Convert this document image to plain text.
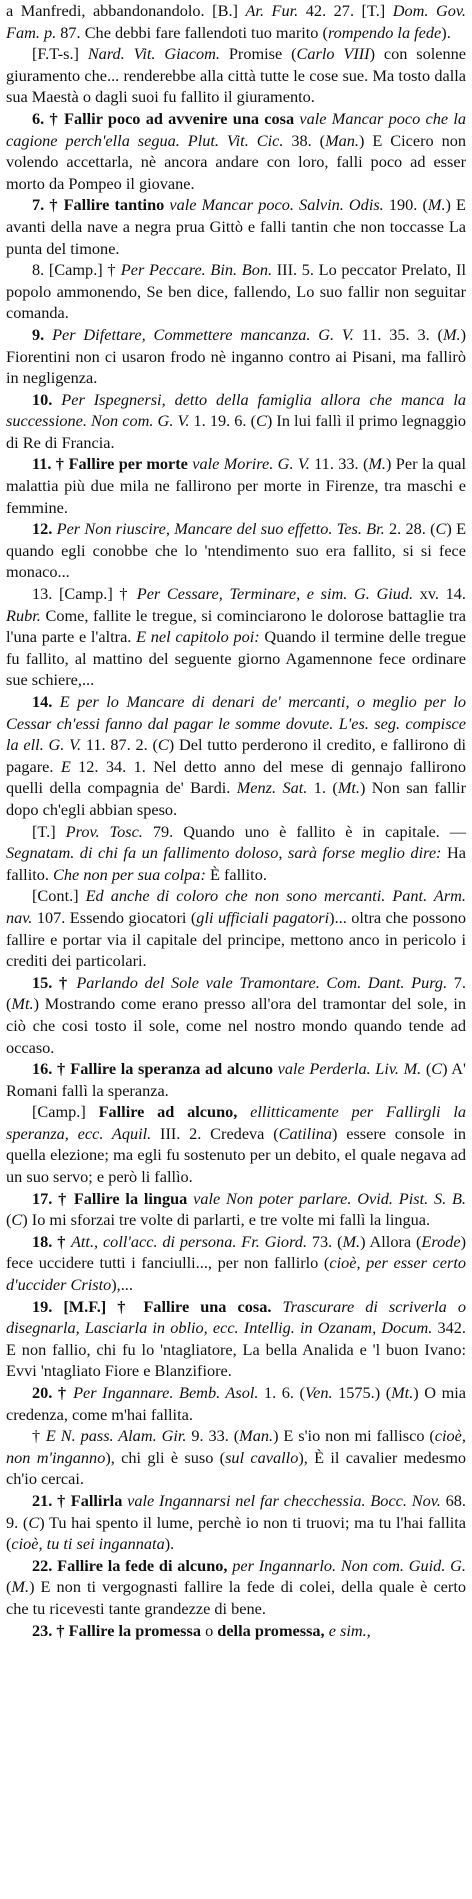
a Manfredi, abbandonandolo. [B.] Ar. Fur. 42. 27. [T.] Dom. Gov. Fam. p. 87. Che debbi fare fallendoti tuo marito (rompendo la fede).

[F.T-s.] Nard. Vit. Giacom. Promise (Carlo VIII) con solenne giuramento che... renderebbe alla città tutte le cose sue. Ma tosto dalla sua Maestà o dagli suoi fu fallito il giuramento.

6. † Fallir poco ad avvenire una cosa vale Mancar poco che la cagione perch'ella segua. Plut. Vit. Cic. 38. (Man.) E Cicero non volendo accettarla, nè ancora andare con loro, falli poco ad esser morto da Pompeo il giovane.

7. † Fallire tantino vale Mancar poco. Salvin. Odis. 190. (M.) E avanti della nave a negra prua Gittò e falli tantin che non toccasse La punta del timone.

8. [Camp.] † Per Peccare. Bin. Bon. III. 5. Lo peccator Prelato, Il popolo ammonendo, Se ben dice, fallendo, Lo suo fallir non seguitar comanda.

9. Per Difettare, Commettere mancanza. G. V. 11. 35. 3. (M.) Fiorentini non ci usaron frodo nè inganno contro ai Pisani, ma fallirò in negligenza.

10. Per Ispegnersi, detto della famiglia allora che manca la successione. Non com. G. V. 1. 19. 6. (C) In lui fallì il primo legnaggio di Re di Francia.

11. † Fallire per morte vale Morire. G. V. 11. 33. (M.) Per la qual malattia più due mila ne fallirono per morte in Firenze, tra maschi e femmine.

12. Per Non riuscire, Mancare del suo effetto. Tes. Br. 2. 28. (C) E quando egli conobbe che lo 'ntendimento suo era fallito, si si fece monaco...

13. [Camp.] † Per Cessare, Terminare, e sim. G. Giud. xv. 14. Rubr. Come, fallite le tregue, si cominciarono le dolorose battaglie tra l'una parte e l'altra. E nel capitolo poi: Quando il termine delle tregue fu fallito, al mattino del seguente giorno Agamennone fece ordinare sue schiere,...

14. E per lo Mancare di denari de' mercanti, o meglio per lo Cessar ch'essi fanno dal pagar le somme dovute. L'es. seg. compisce la ell. G. V. 11. 87. 2. (C) Del tutto perderono il credito, e fallirono di pagare. E 12. 34. 1. Nel detto anno del mese di gennajo fallirono quelli della compagnia de' Bardi. Menz. Sat. 1. (Mt.) Non san fallir dopo ch'egli abbian speso.

[T.] Prov. Tosc. 79. Quando uno è fallito è in capitale. — Segnatam. di chi fa un fallimento doloso, sarà forse meglio dire: Ha fallito. Che non per sua colpa: È fallito.

[Cont.] Ed anche di coloro che non sono mercanti. Pant. Arm. nav. 107. Essendo giocatori (gli ufficiali pagatori)... oltra che possono fallire e portar via il capitale del principe, mettono anco in pericolo i crediti dei particolari.

15. † Parlando del Sole vale Tramontare. Com. Dant. Purg. 7. (Mt.) Mostrando come erano presso all'ora del tramontar del sole, in ciò che cosi tosto il sole, come nel nostro mondo quando tende ad occaso.

16. † Fallire la speranza ad alcuno vale Perderla. Liv. M. (C) A' Romani fallì la speranza.

[Camp.] Fallire ad alcuno, ellitticamente per Fallirgli la speranza, ecc. Aquil. III. 2. Credeva (Catilina) essere console in quella elezione; ma egli fu sostenuto per un debito, el quale negava ad un suo servo; e però li fallìo.

17. † Fallire la lingua vale Non poter parlare. Ovid. Pist. S. B. (C) Io mi sforzai tre volte di parlarti, e tre volte mi fallì la lingua.

18. † Att., coll'acc. di persona. Fr. Giord. 73. (M.) Allora (Erode) fece uccidere tutti i fanciulli..., per non fallirlo (cioè, per esser certo d'uccider Cristo),...

19. [M.F.] † Fallire una cosa. Trascurare di scriverla o disegnarla, Lasciarla in oblio, ecc. Intellig. in Ozanam, Docum. 342. E non fallio, chi fu lo 'ntagliatore, La bella Analida e 'l buon Ivano: Evvi 'ntagliato Fiore e Blanzifiore.

20. † Per Ingannare. Bemb. Asol. 1. 6. (Ven. 1575.) (Mt.) O mia credenza, come m'hai fallita.

† E N. pass. Alam. Gir. 9. 33. (Man.) E s'io non mi fallisco (cioè, non m'inganno), chi gli è suso (sul cavallo), È il cavalier medesmo ch'io cercai.

21. † Fallirla vale Ingannarsi nel far checchessia. Bocc. Nov. 68. 9. (C) Tu hai spento il lume, perchè io non ti truovi; ma tu l'hai fallita (cioè, tu ti sei ingannata).

22. Fallire la fede di alcuno, per Ingannarlo. Non com. Guid. G. (M.) E non ti vergognasti fallire la fede di colei, della quale è certo che tu ricevesti tante grandezze di bene.

23. † Fallire la promessa o della promessa, e sim.,
